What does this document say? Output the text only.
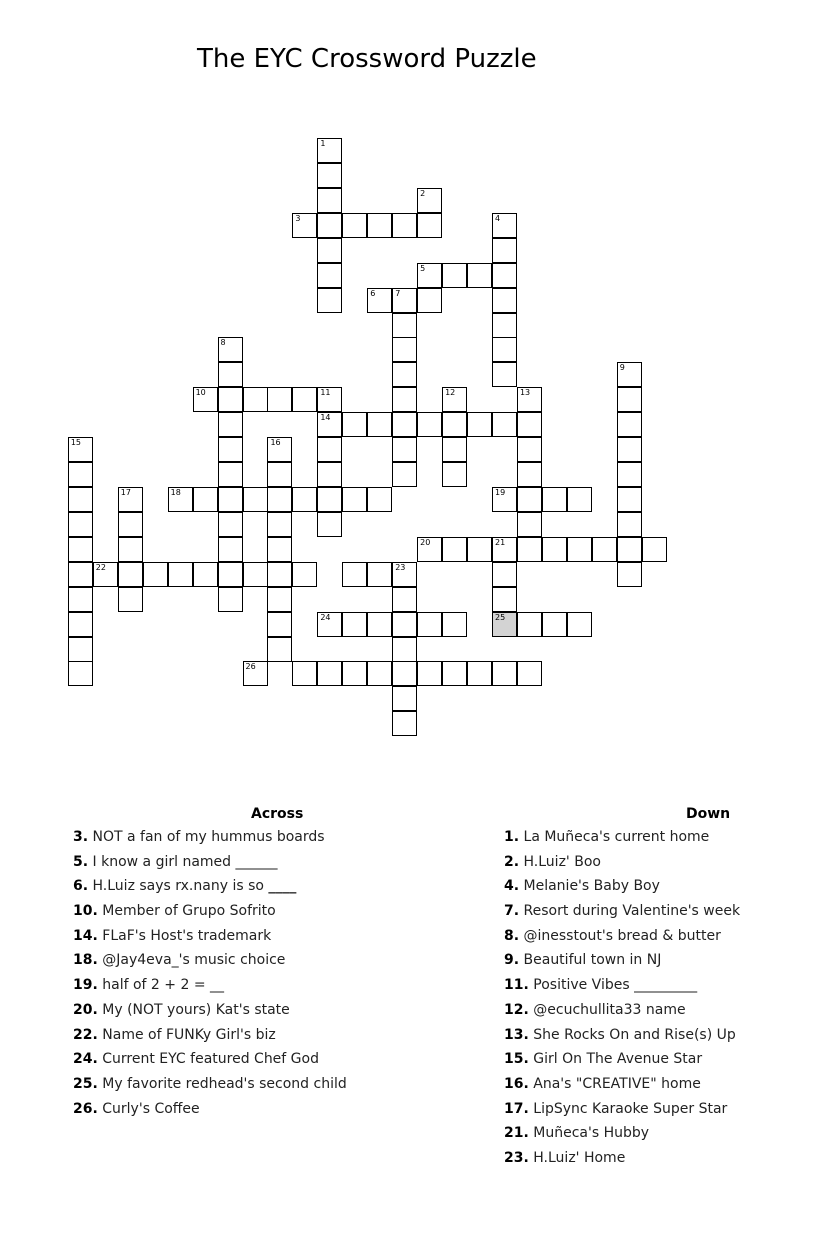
The EYC Crossword Puzzle
1
2
3	4
5
6 7
8
9
10	11
14
12	13
15	16
17	18	19
20	21
22	23
25
24
26
Across
3. NOT a fan of my hummus boards
5. I know a girl named ______
6. H.Luiz says rx.nany is so ____
10. Member of Grupo Sofrito
14. FLaF's Host's trademark
18. @Jay4eva_'s music choice
19. half of 2 + 2 = __
20. My (NOT yours) Kat's state
22. Name of FUNKy Girl's biz
24. Current EYC featured Chef God
25. My favorite redhead's second child
26. Curly's Coffee
Down
1. La Muñeca's current home
2. H.Luiz' Boo
4. Melanie's Baby Boy
7. Resort during Valentine's week
8. @inesstout's bread & butter
9. Beautiful town in NJ
11. Positive Vibes _________
12. @ecuchullita33 name
13. She Rocks On and Rise(s) Up
15. Girl On The Avenue Star
16. Ana's "CREATIVE" home
17. LipSync Karaoke Super Star
21. Muñeca's Hubby
23. H.Luiz' Home
